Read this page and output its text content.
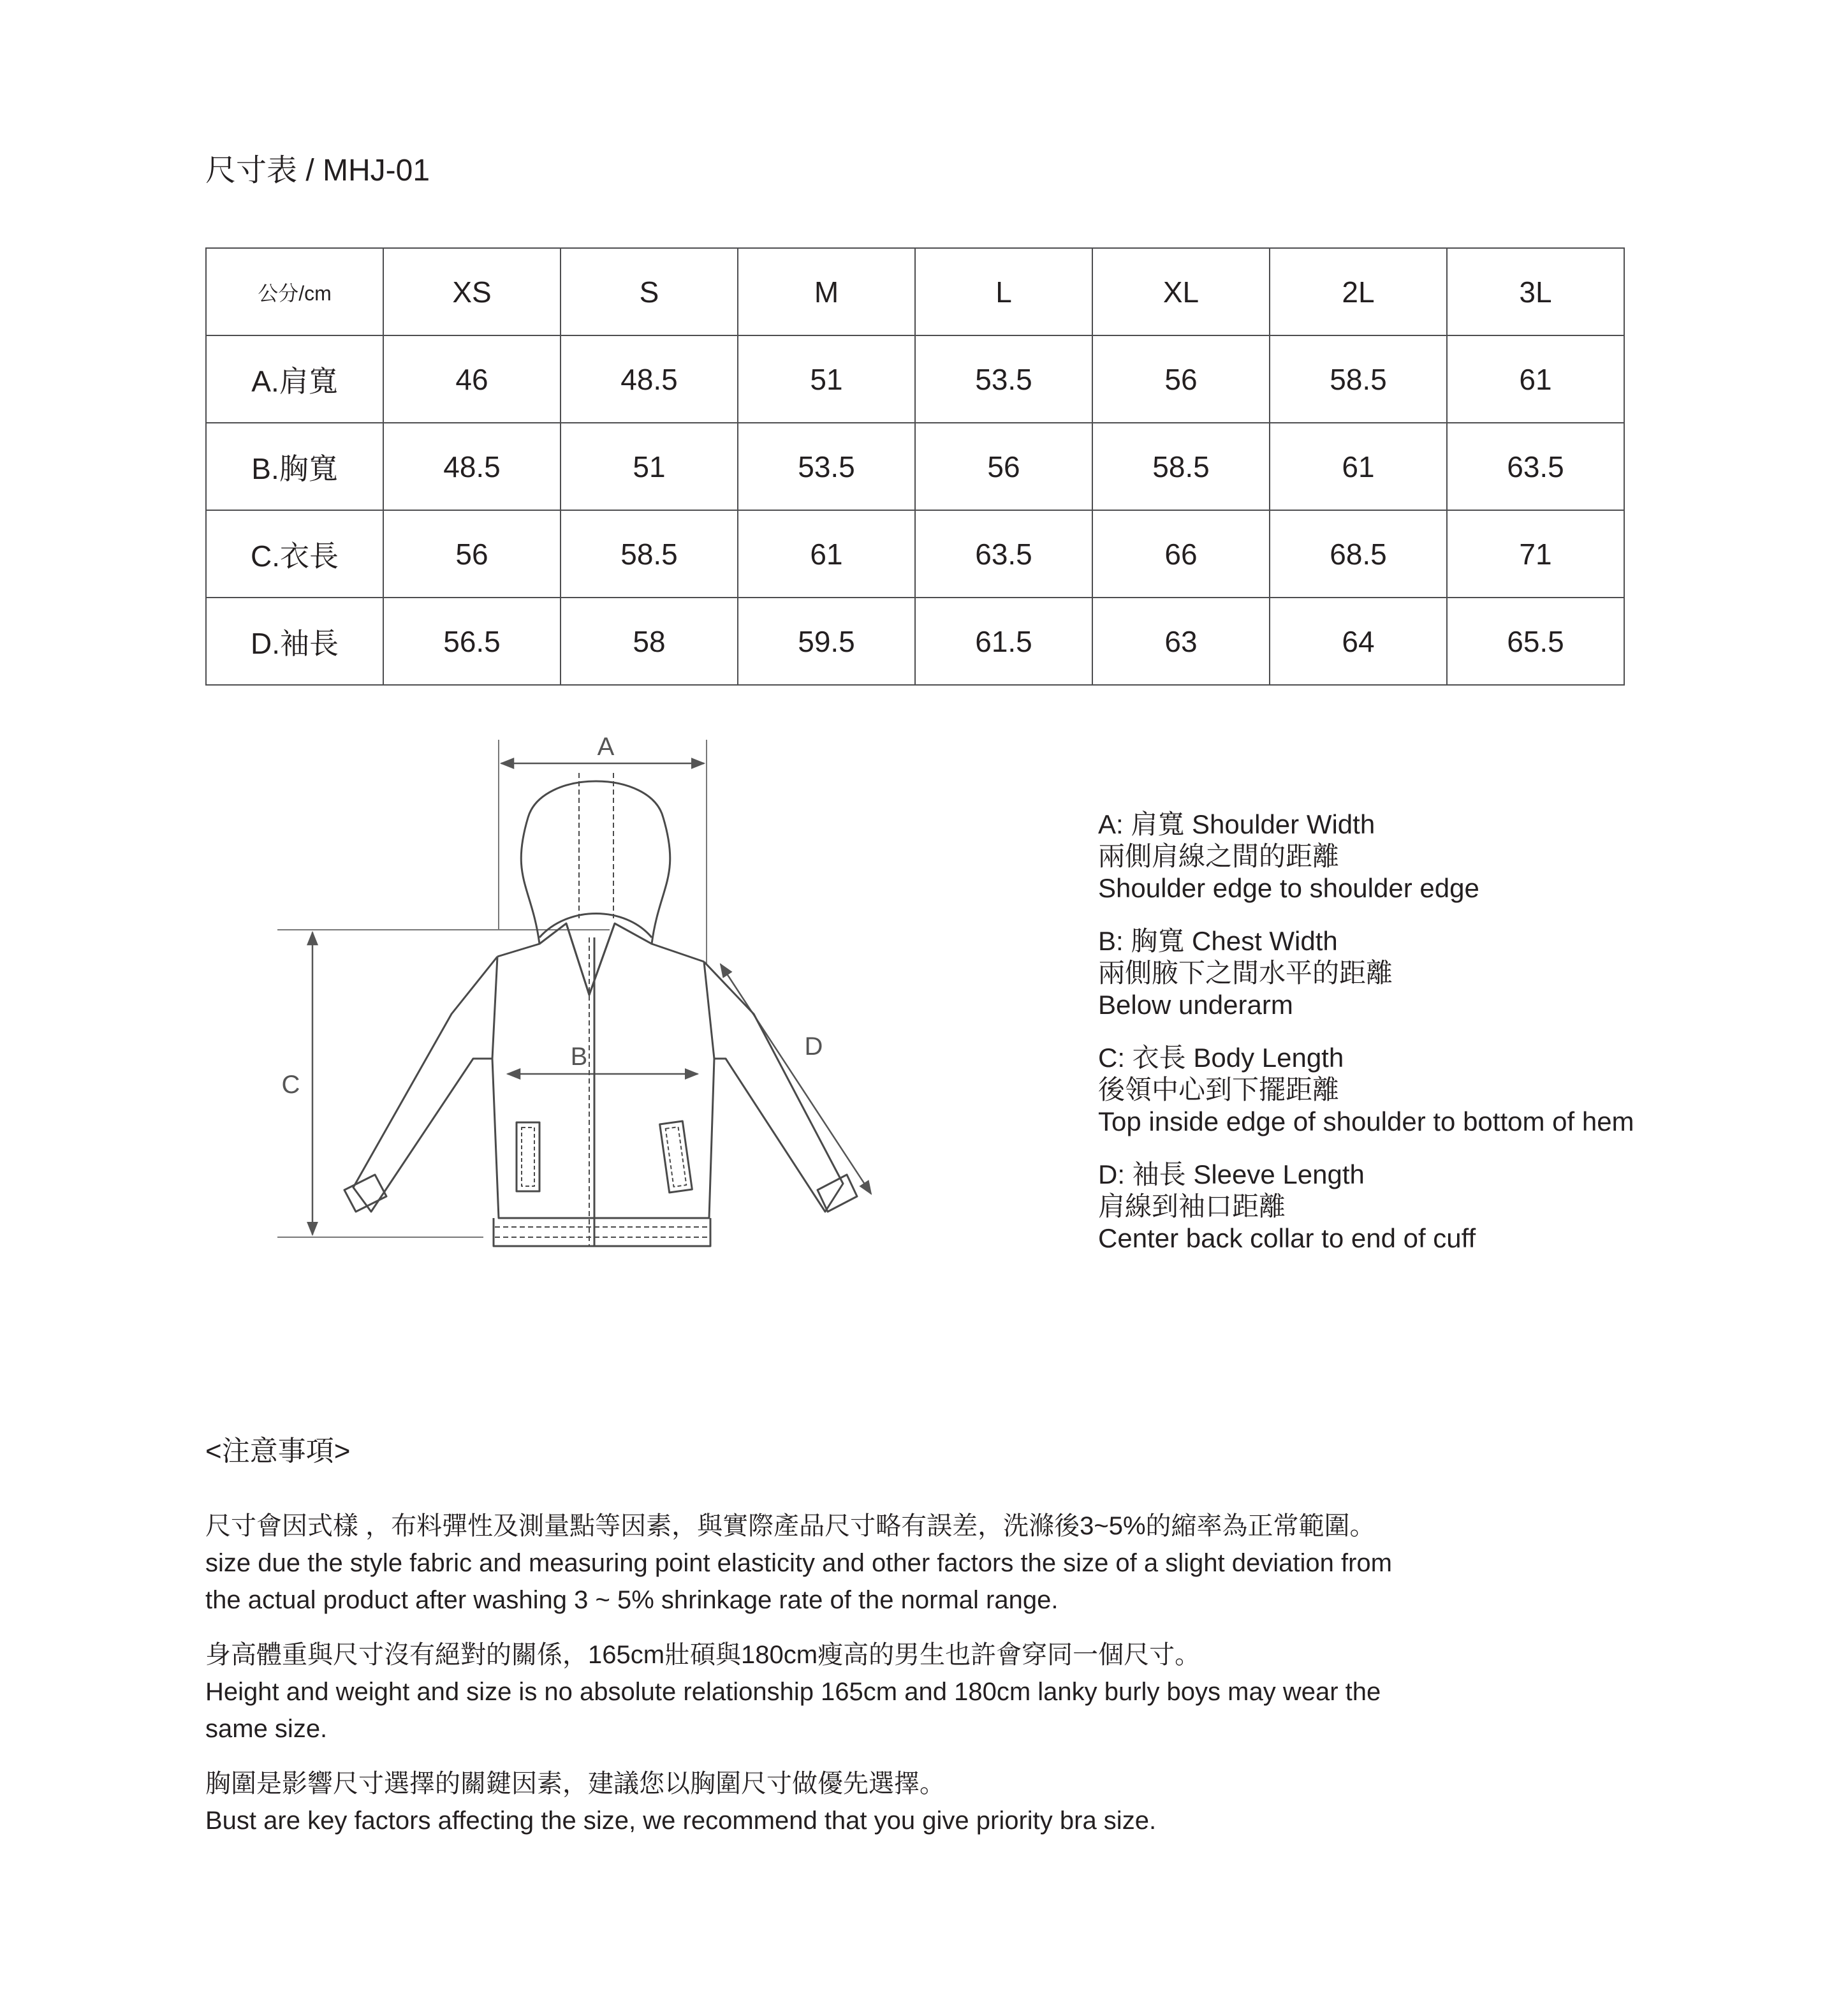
尺寸表 / MHJ-01
公分/cm	XS	S	M	L	XL	2L	3L
A.肩寬	46	48.5	51	53.5	56	58.5	61
B.胸寬	48.5	51	53.5	56	58.5	61	63.5
C.衣長	56	58.5	61	63.5	66	68.5	71
D.袖長	56.5	58	59.5	61.5	63	64	65.5
A
C
B	D
A: 肩寬 Shoulder Width
兩側肩線之間的距離
Shoulder edge to shoulder edge
B: 胸寬 Chest Width
兩側腋下之間水平的距離
Below underarm
C: 衣長 Body Length
後領中心到下擺距離
Top inside edge of shoulder to bottom of hem
D: 袖長 Sleeve Length
肩線到袖口距離
Center back collar to end of cuff
<注意事項>
尺寸會因式樣 ，布料彈性及測量點等因素，與實際產品尺寸略有誤差，洗滌後3~5%的縮率為正常範圍。
size due the style fabric and measuring point elasticity and other factors the size of a slight deviation from the actual product after washing 3 ~ 5% shrinkage rate of the normal range.
身高體重與尺寸沒有絕對的關係，165cm壯碩與180cm瘦高的男生也許會穿同一個尺寸。
Height and weight and size is no absolute relationship 165cm and 180cm lanky burly boys may wear the same size.
胸圍是影響尺寸選擇的關鍵因素，建議您以胸圍尺寸做優先選擇。
Bust are key factors affecting the size, we recommend that you give priority bra size.
